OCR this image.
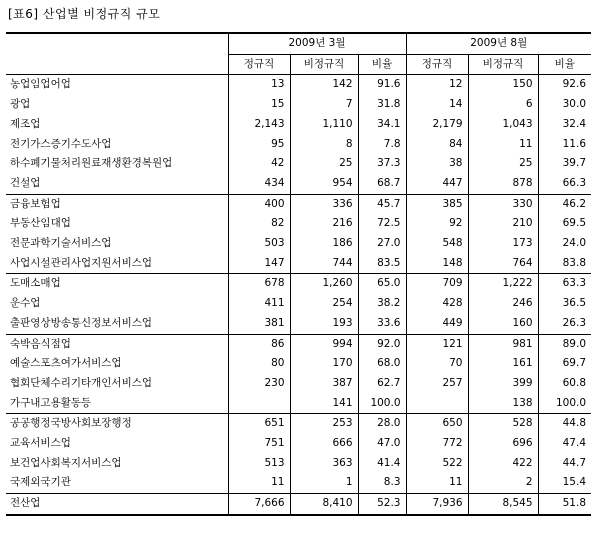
[표6] 산업별 비정규직 규모
	2009년 3월			2009년 8월		
	정규직	비정규직	비율	정규직	비정규직	비율
농업임업어업	13	142	91.6	12	150	92.6
광업	15	7	31.8	14	6	30.0
제조업	2,143	1,110	34.1	2,179	1,043	32.4
전기가스증기수도사업	95	8	7.8	84	11	11.6
하수폐기물처리원료재생환경복원업	42	25	37.3	38	25	39.7
건설업	434	954	68.7	447	878	66.3
금융보험업	400	336	45.7	385	330	46.2
부동산임대업	82	216	72.5	92	210	69.5
전문과학기술서비스업	503	186	27.0	548	173	24.0
사업시설관리사업지원서비스업	147	744	83.5	148	764	83.8
도매소매업	678	1,260	65.0	709	1,222	63.3
운수업	411	254	38.2	428	246	36.5
출판영상방송통신정보서비스업	381	193	33.6	449	160	26.3
숙박음식점업	86	994	92.0	121	981	89.0
예술스포츠여가서비스업	80	170	68.0	70	161	69.7
협회단체수리기타개인서비스업	230	387	62.7	257	399	60.8
가구내고용활동등		141	100.0		138	100.0
공공행정국방사회보장행정	651	253	28.0	650	528	44.8
교육서비스업	751	666	47.0	772	696	47.4
보건업사회복지서비스업	513	363	41.4	522	422	44.7
국제외국기관	11	1	8.3	11	2	15.4
전산업	7,666	8,410	52.3	7,936	8,545	51.8
